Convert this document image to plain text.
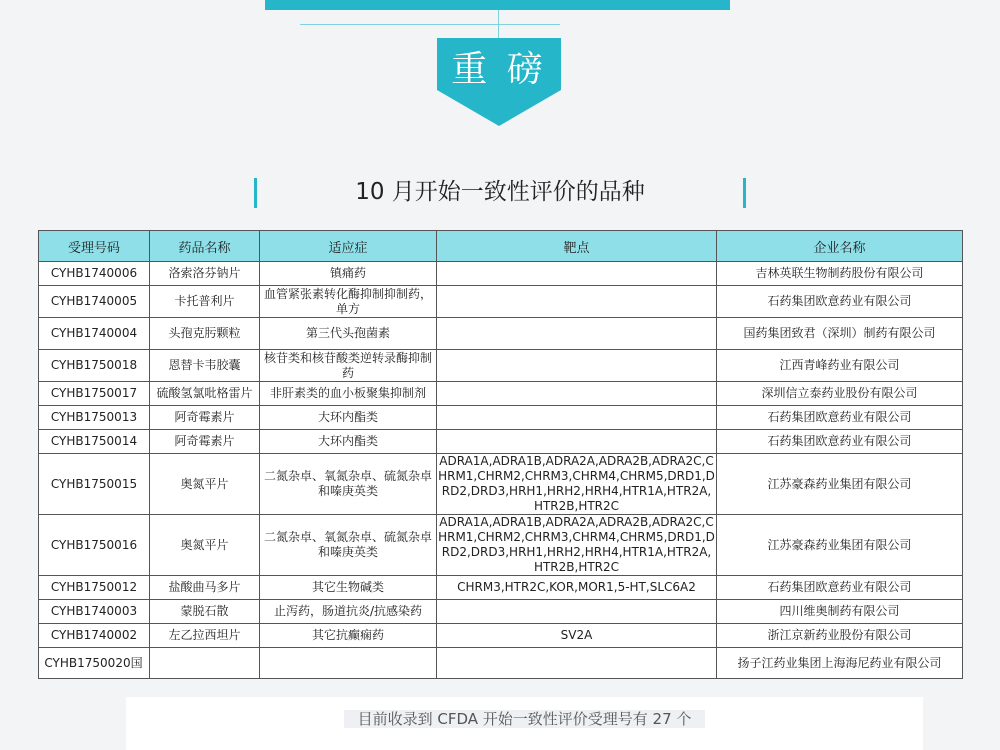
重 磅
10 月开始一致性评价的品种
受理号码	药品名称	适应症	靶点	企业名称
CYHB1740006	洛索洛芬钠片	镇痛药		吉林英联生物制药股份有限公司
CYHB1740005	卡托普利片	血管紧张素转化酶抑制抑制药，单方		石药集团欧意药业有限公司
CYHB1740004	头孢克肟颗粒	第三代头孢菌素		国药集团致君（深圳）制药有限公司
CYHB1750018	恩替卡韦胶囊	核苷类和核苷酸类逆转录酶抑制药		江西青峰药业有限公司
CYHB1750017	硫酸氢氯吡格雷片	非肝素类的血小板聚集抑制剂		深圳信立泰药业股份有限公司
CYHB1750013	阿奇霉素片	大环内酯类		石药集团欧意药业有限公司
CYHB1750014	阿奇霉素片	大环内酯类		石药集团欧意药业有限公司
CYHB1750015	奥氮平片	二氮杂卓、氧氮杂卓、硫氮杂卓和嗪庚英类	ADRA1A,ADRA1B,ADRA2A,ADRA2B,ADRA2C,CHRM1,CHRM2,CHRM3,CHRM4,CHRM5,DRD1,DRD2,DRD3,HRH1,HRH2,HRH4,HTR1A,HTR2A,HTR2B,HTR2C	江苏豪森药业集团有限公司
CYHB1750016	奥氮平片	二氮杂卓、氧氮杂卓、硫氮杂卓和嗪庚英类	ADRA1A,ADRA1B,ADRA2A,ADRA2B,ADRA2C,CHRM1,CHRM2,CHRM3,CHRM4,CHRM5,DRD1,DRD2,DRD3,HRH1,HRH2,HRH4,HTR1A,HTR2A,HTR2B,HTR2C	江苏豪森药业集团有限公司
CYHB1750012	盐酸曲马多片	其它生物碱类	CHRM3,HTR2C,KOR,MOR1,5-HT,SLC6A2	石药集团欧意药业有限公司
CYHB1740003	蒙脱石散	止泻药，肠道抗炎/抗感染药		四川维奥制药有限公司
CYHB1740002	左乙拉西坦片	其它抗癫痫药	SV2A	浙江京新药业股份有限公司
CYHB1750020国				扬子江药业集团上海海尼药业有限公司
目前收录到 CFDA 开始一致性评价受理号有 27 个
